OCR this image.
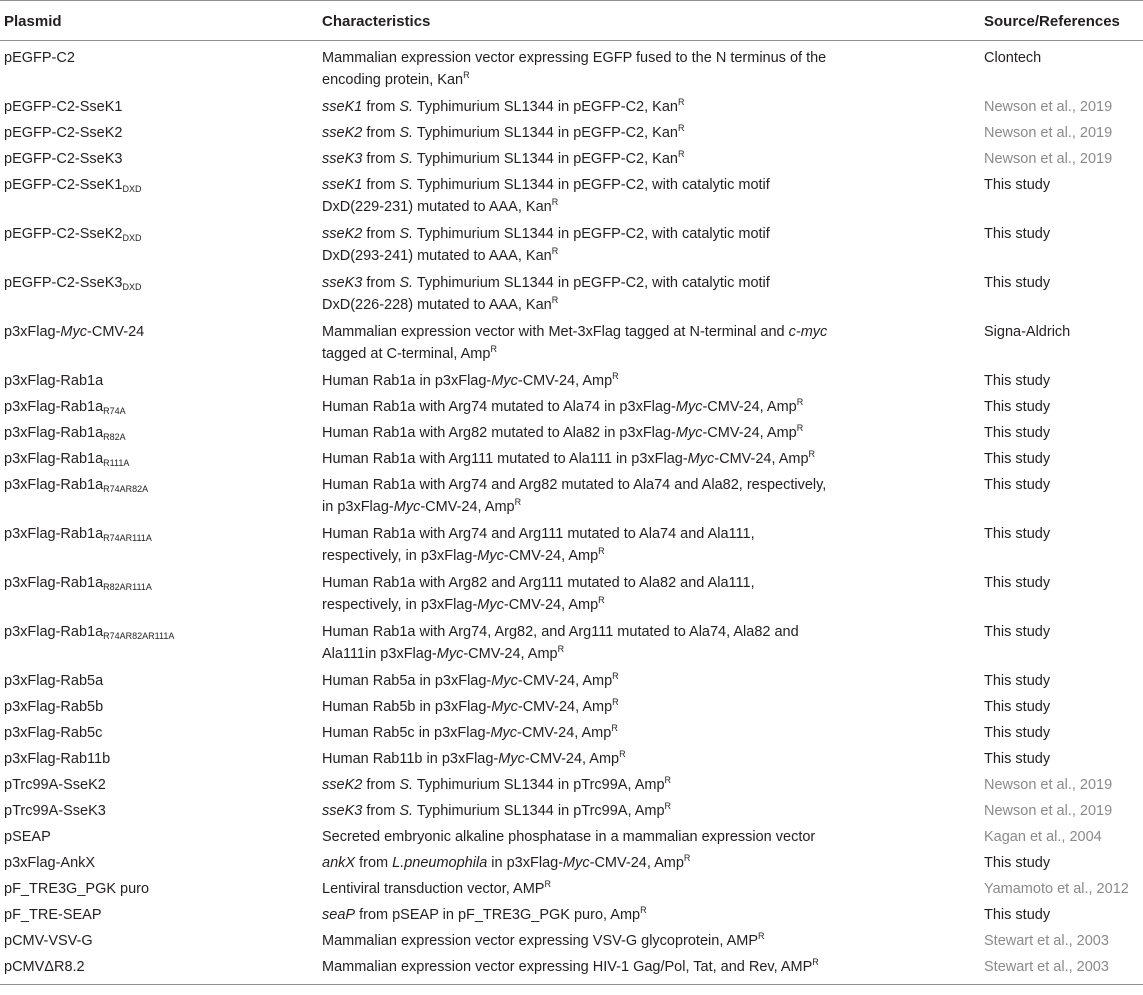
Plasmid	Characteristics	Source/References
pEGFP-C2	Mammalian expression vector expressing EGFP fused to the N terminus of the encoding protein, Kan$^R$	Clontech
pEGFP-C2-SseK1	sseK1 from S. Typhimurium SL1344 in pEGFP-C2, Kan$^R$	Newson et al., 2019
pEGFP-C2-SseK2	sseK2 from S. Typhimurium SL1344 in pEGFP-C2, Kan$^R$	Newson et al., 2019
pEGFP-C2-SseK3	sseK3 from S. Typhimurium SL1344 in pEGFP-C2, Kan$^R$	Newson et al., 2019
pEGFP-$C2-SseK1_{DXD}$	sseK1 from S. Typhimurium SL1344 in pEGFP-C2, with catalytic motif DxD(229-231) mutated to AAA, Kan$^R$	This study
pEGFP-$C2-SseK2_{DXD}$	sseK2 from S. Typhimurium SL1344 in pEGFP-C2, with catalytic motif DxD(293-241) mutated to AAA, Kan$^R$	This study
pEGFP-$C2-SseK3_{DXD}$	sseK3 from S. Typhimurium SL1344 in pEGFP-C2, with catalytic motif DxD(226-228) mutated to AAA, Kan$^R$	This study
p3xFlag-Myc-CMV-24	Mammalian expression vector with Met-3xFlag tagged at N-terminal and c-myc tagged at C-terminal, Amp$^R$	Signa-Aldrich
p3xFlag-Rab1a	Human Rab1a in p3xFlag-Myc-CMV-24, Amp$^R$	This study
$p3xFlag-Rab1a_{R74A}$	Human Rab1a with Arg74 mutated to Ala74 in p3xFlag-Myc-CMV-24, Amp$^R$	This study
$p3xFlag-Rab1a_{R82A}$	Human Rab1a with Arg82 mutated to Ala82 in p3xFlag-Myc-CMV-24, Amp$^R$	This study
$p3xFlag-Rab1a_{R111A}$	Human Rab1a with Arg111 mutated to Ala111 in p3xFlag-Myc-CMV-24, Amp$^R$	This study
$p3xFlag-Rab1a_{R74AR82A}$	Human Rab1a with Arg74 and Arg82 mutated to Ala74 and Ala82, respectively, in p3xFlag-Myc-CMV-24, Amp$^R$	This study
$p3xFlag-Rab1a_{R74AR111A}$	Human Rab1a with Arg74 and Arg111 mutated to Ala74 and Ala111, respectively, in p3xFlag-Myc-CMV-24, Amp$^R$	This study
$p3xFlag-Rab1a_{R82AR111A}$	Human Rab1a with Arg82 and Arg111 mutated to Ala82 and Ala111, respectively, in p3xFlag-Myc-CMV-24, Amp$^R$	This study
$p3xFlag-Rab1a_{R74AR82AR111A}$	Human Rab1a with Arg74, Arg82, and Arg111 mutated to Ala74, Ala82 and Ala111in p3xFlag-Myc-CMV-24, Amp$^R$	This study
p3xFlag-Rab5a	Human Rab5a in p3xFlag-Myc-CMV-24, Amp$^R$	This study
p3xFlag-Rab5b	Human Rab5b in p3xFlag-Myc-CMV-24, Amp$^R$	This study
p3xFlag-Rab5c	Human Rab5c in p3xFlag-Myc-CMV-24, Amp$^R$	This study
p3xFlag-Rab11b	Human Rab11b in p3xFlag-Myc-CMV-24, Amp$^R$	This study
pTrc99A-SseK2	sseK2 from S. Typhimurium SL1344 in pTrc99A, Amp$^R$	Newson et al., 2019
pTrc99A-SseK3	sseK3 from S. Typhimurium SL1344 in pTrc99A, Amp$^R$	Newson et al., 2019
pSEAP	Secreted embryonic alkaline phosphatase in a mammalian expression vector	Kagan et al., 2004
p3xFlag-AnkX	ankX from L.pneumophila in p3xFlag-Myc-CMV-24, Amp$^R$	This study
pF_TRE3G_PGK puro	Lentiviral transduction vector, $AMP^R$	Yamamoto et al., 2012
pF_TRE-SEAP	seaP from pSEAP in pF_TRE3G_PGK puro, Amp$^R$	This study
pCMV-VSV-G	Mammalian expression vector expressing VSV-G glycoprotein, $AMP^R$	Stewart et al., 2003
pCMVΔR8.2	Mammalian expression vector expressing HIV-1 Gag/Pol, Tat, and Rev, $AMP^R$	Stewart et al., 2003
